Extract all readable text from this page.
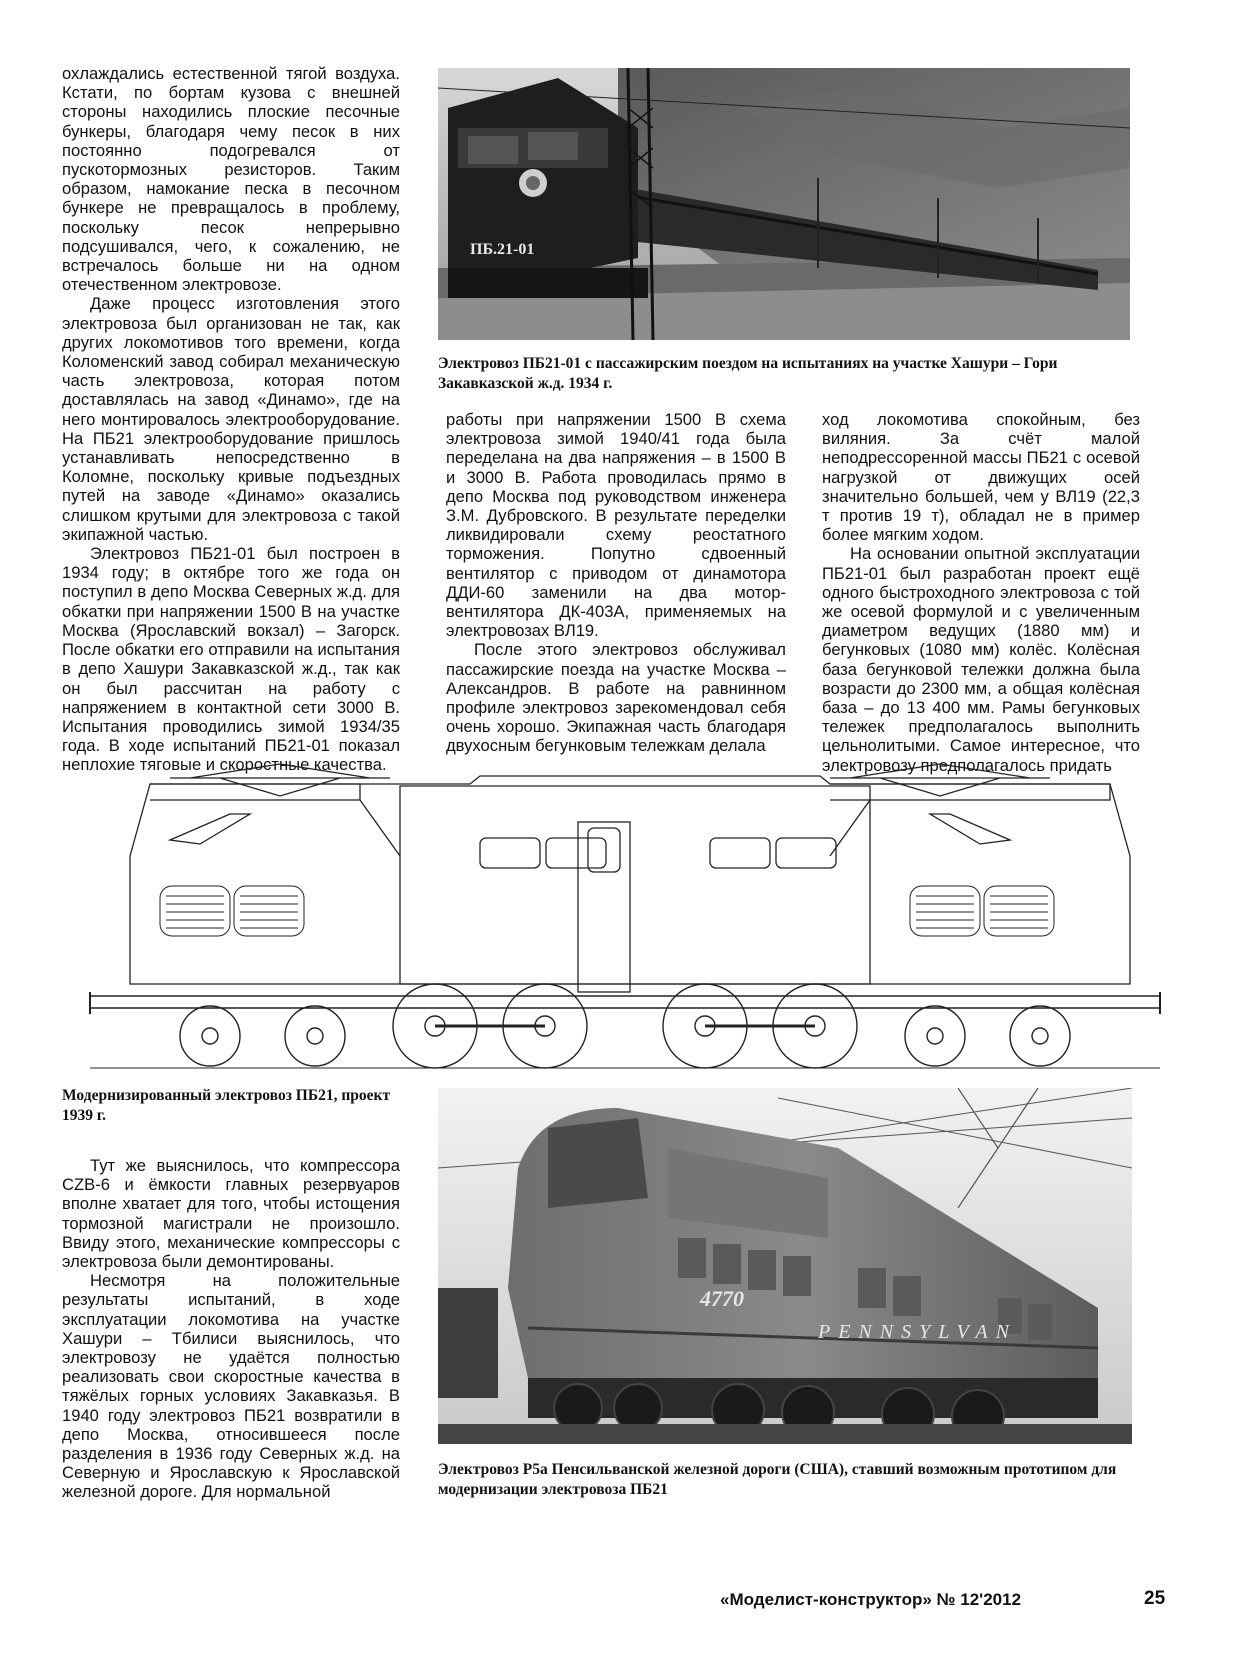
охлаждались естественной тягой воздуха. Кстати, по бортам кузова с внешней стороны находились плоские песочные бункеры, благодаря чему песок в них постоянно подогревался от пускотормозных резисторов. Таким образом, намокание песка в песочном бункере не превращалось в проблему, поскольку песок непрерывно подсушивался, чего, к сожалению, не встречалось больше ни на одном отечественном электровозе.

Даже процесс изготовления этого электровоза был организован не так, как других локомотивов того времени, когда Коломенский завод собирал механическую часть электровоза, которая потом доставлялась на завод «Динамо», где на него монтировалось электрооборудование. На ПБ21 электрооборудование пришлось устанавливать непосредственно в Коломне, поскольку кривые подъездных путей на заводе «Динамо» оказались слишком крутыми для электровоза с такой экипажной частью.

Электровоз ПБ21-01 был построен в 1934 году; в октябре того же года он поступил в депо Москва Северных ж.д. для обкатки при напряжении 1500 В на участке Москва (Ярославский вокзал) – Загорск. После обкатки его отправили на испытания в депо Хашури Закавказской ж.д., так как он был рассчитан на работу с напряжением в контактной сети 3000 В. Испытания проводились зимой 1934/35 года. В ходе испытаний ПБ21-01 показал неплохие тяговые и скоростные качества.

ПБ.21-01
Электровоз ПБ21-01 с пассажирским поездом на испытаниях на участке Хашури – Гори Закавказской ж.д. 1934 г.

работы при напряжении 1500 В схема электровоза зимой 1940/41 года была переделана на два напряжения – в 1500 В и 3000 В. Работа проводилась прямо в депо Москва под руководством инженера З.М. Дубровского. В результате переделки ликвидировали схему реостатного торможения. Попутно сдвоенный вентилятор с приводом от динамотора ДДИ-60 заменили на два мотор-вентилятора ДК-403А, применяемых на электровозах ВЛ19.

После этого электровоз обслуживал пассажирские поезда на участке Москва – Александров. В работе на равнинном профиле электровоз зарекомендовал себя очень хорошо. Экипажная часть благодаря двухосным бегунковым тележкам делала

ход локомотива спокойным, без виляния. За счёт малой неподрессоренной массы ПБ21 с осевой нагрузкой от движущих осей значительно большей, чем у ВЛ19 (22,3 т против 19 т), обладал не в пример более мягким ходом.

На основании опытной эксплуатации ПБ21-01 был разработан проект ещё одного быстроходного электровоза с той же осевой формулой и с увеличенным диаметром ведущих (1880 мм) и бегунковых (1080 мм) колёс. Колёсная база бегунковой тележки должна была возрасти до 2300 мм, а общая колёсная база – до 13 400 мм. Рамы бегунковых тележек предполагалось выполнить цельнолитыми. Самое интересное, что электровозу предполагалось придать

Модернизированный электровоз ПБ21, проект 1939 г.

Тут же выяснилось, что компрессора CZB-6 и ёмкости главных резервуаров вполне хватает для того, чтобы истощения тормозной магистрали не произошло. Ввиду этого, механические компрессоры с электровоза были демонтированы.

Несмотря на положительные результаты испытаний, в ходе эксплуатации локомотива на участке Хашури – Тбилиси выяснилось, что электровозу не удаётся полностью реализовать свои скоростные качества в тяжёлых горных условиях Закавказья. В 1940 году электровоз ПБ21 возвратили в депо Москва, относившееся после разделения в 1936 году Северных ж.д. на Северную и Ярославскую к Ярославской железной дороге. Для нормальной

4770
PENNSYLVAN
Электровоз P5a Пенсильванской железной дороги (США), ставший возможным прототипом для модернизации электровоза ПБ21
«Моделист-конструктор» № 12'2012	25
